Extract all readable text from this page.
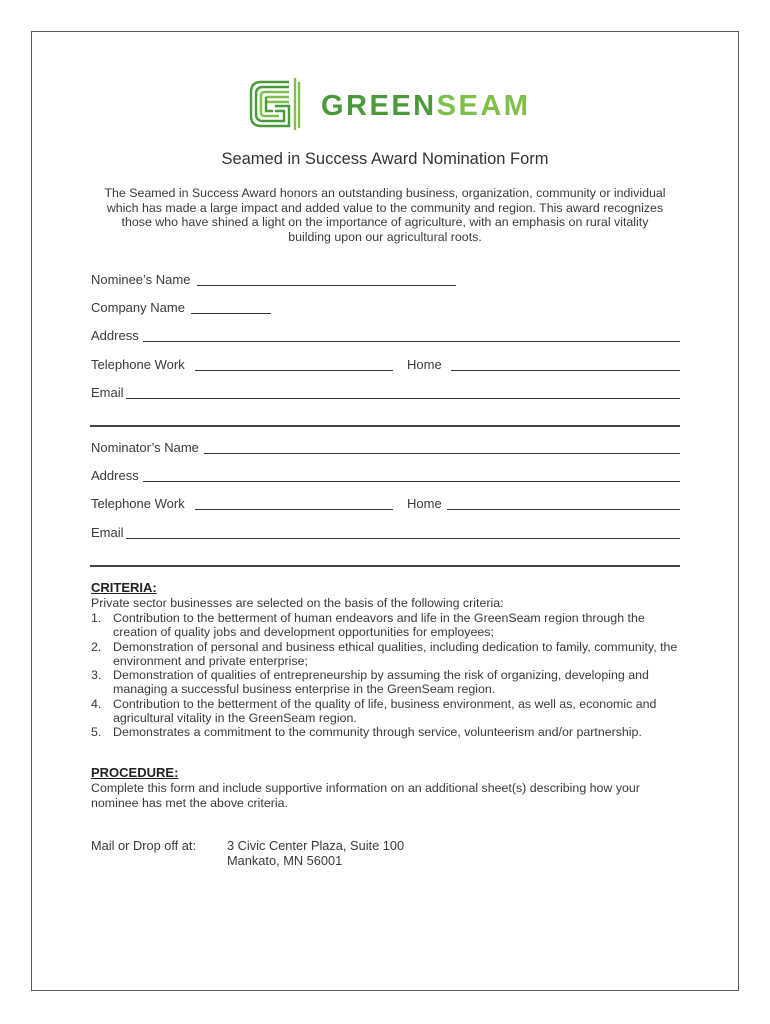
GREENSEAM
Seamed in Success Award Nomination Form
The Seamed in Success Award honors an outstanding business, organization, community or individual which has made a large impact and added value to the community and region. This award recognizes those who have shined a light on the importance of agriculture, with an emphasis on rural vitality building upon our agricultural roots.
Nominee’s Name
Company Name
Address
Telephone Work	Home
Email
Nominator’s Name
Address
Telephone Work	Home
Email
CRITERIA:
Private sector businesses are selected on the basis of the following criteria:
1. Contribution to the betterment of human endeavors and life in the GreenSeam region through the creation of quality jobs and development opportunities for employees;
2. Demonstration of personal and business ethical qualities, including dedication to family, community, the environment and private enterprise;
3. Demonstration of qualities of entrepreneurship by assuming the risk of organizing, developing and managing a successful business enterprise in the GreenSeam region.
4. Contribution to the betterment of the quality of life, business environment, as well as, economic and agricultural vitality in the GreenSeam region.
5. Demonstrates a commitment to the community through service, volunteerism and/or partnership.
PROCEDURE:
Complete this form and include supportive information on an additional sheet(s) describing how your nominee has met the above criteria.
Mail or Drop off at: 3 Civic Center Plaza, Suite 100
Mankato, MN 56001
